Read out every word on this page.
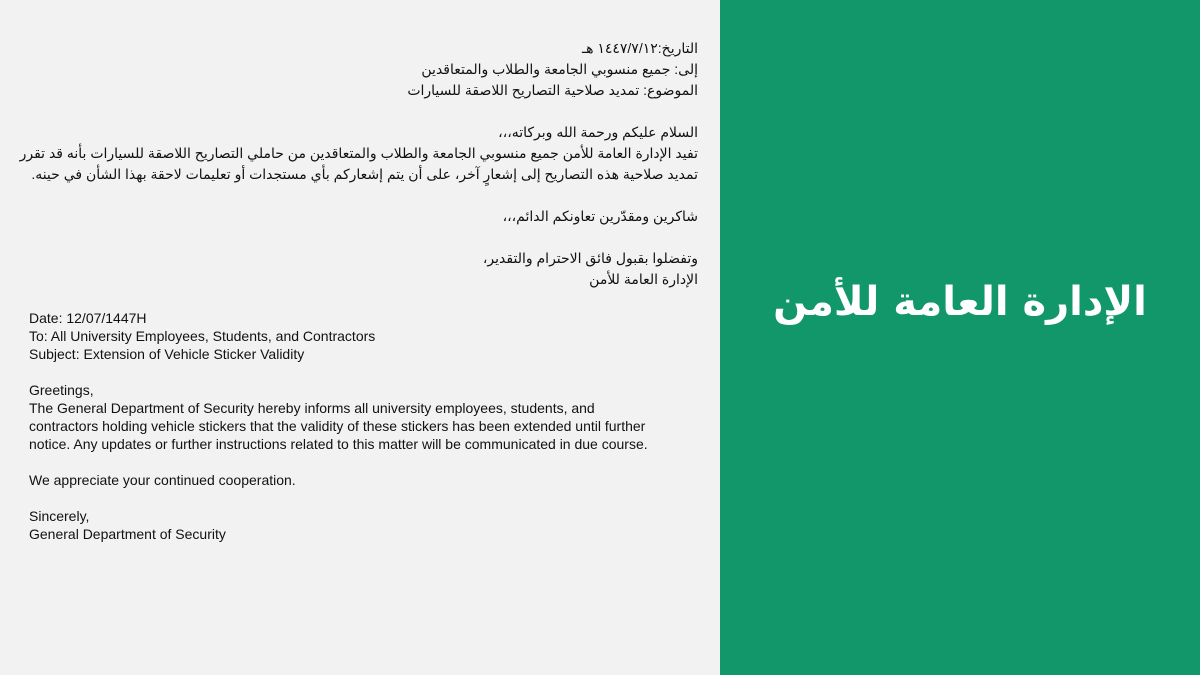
التاريخ:١٤٤٧/٧/١٢ هـ
إلى: جميع منسوبي الجامعة والطلاب والمتعاقدين
الموضوع: تمديد صلاحية التصاريح اللاصقة للسيارات
السلام عليكم ورحمة الله وبركاته،،،
تفيد الإدارة العامة للأمن جميع منسوبي الجامعة والطلاب والمتعاقدين من حاملي التصاريح اللاصقة للسيارات بأنه قد تقرر
تمديد صلاحية هذه التصاريح إلى إشعارٍ آخر، على أن يتم إشعاركم بأي مستجدات أو تعليمات لاحقة بهذا الشأن في حينه.
شاكرين ومقدّرين تعاونكم الدائم،،،
وتفضلوا بقبول فائق الاحترام والتقدير،
الإدارة العامة للأمن
Date: 12/07/1447H
To: All University Employees, Students, and Contractors
Subject: Extension of Vehicle Sticker Validity
Greetings,
The General Department of Security hereby informs all university employees, students, and
contractors holding vehicle stickers that the validity of these stickers has been extended until further
notice. Any updates or further instructions related to this matter will be communicated in due course.
We appreciate your continued cooperation.
Sincerely,
General Department of Security
الإدارة العامة للأمن
